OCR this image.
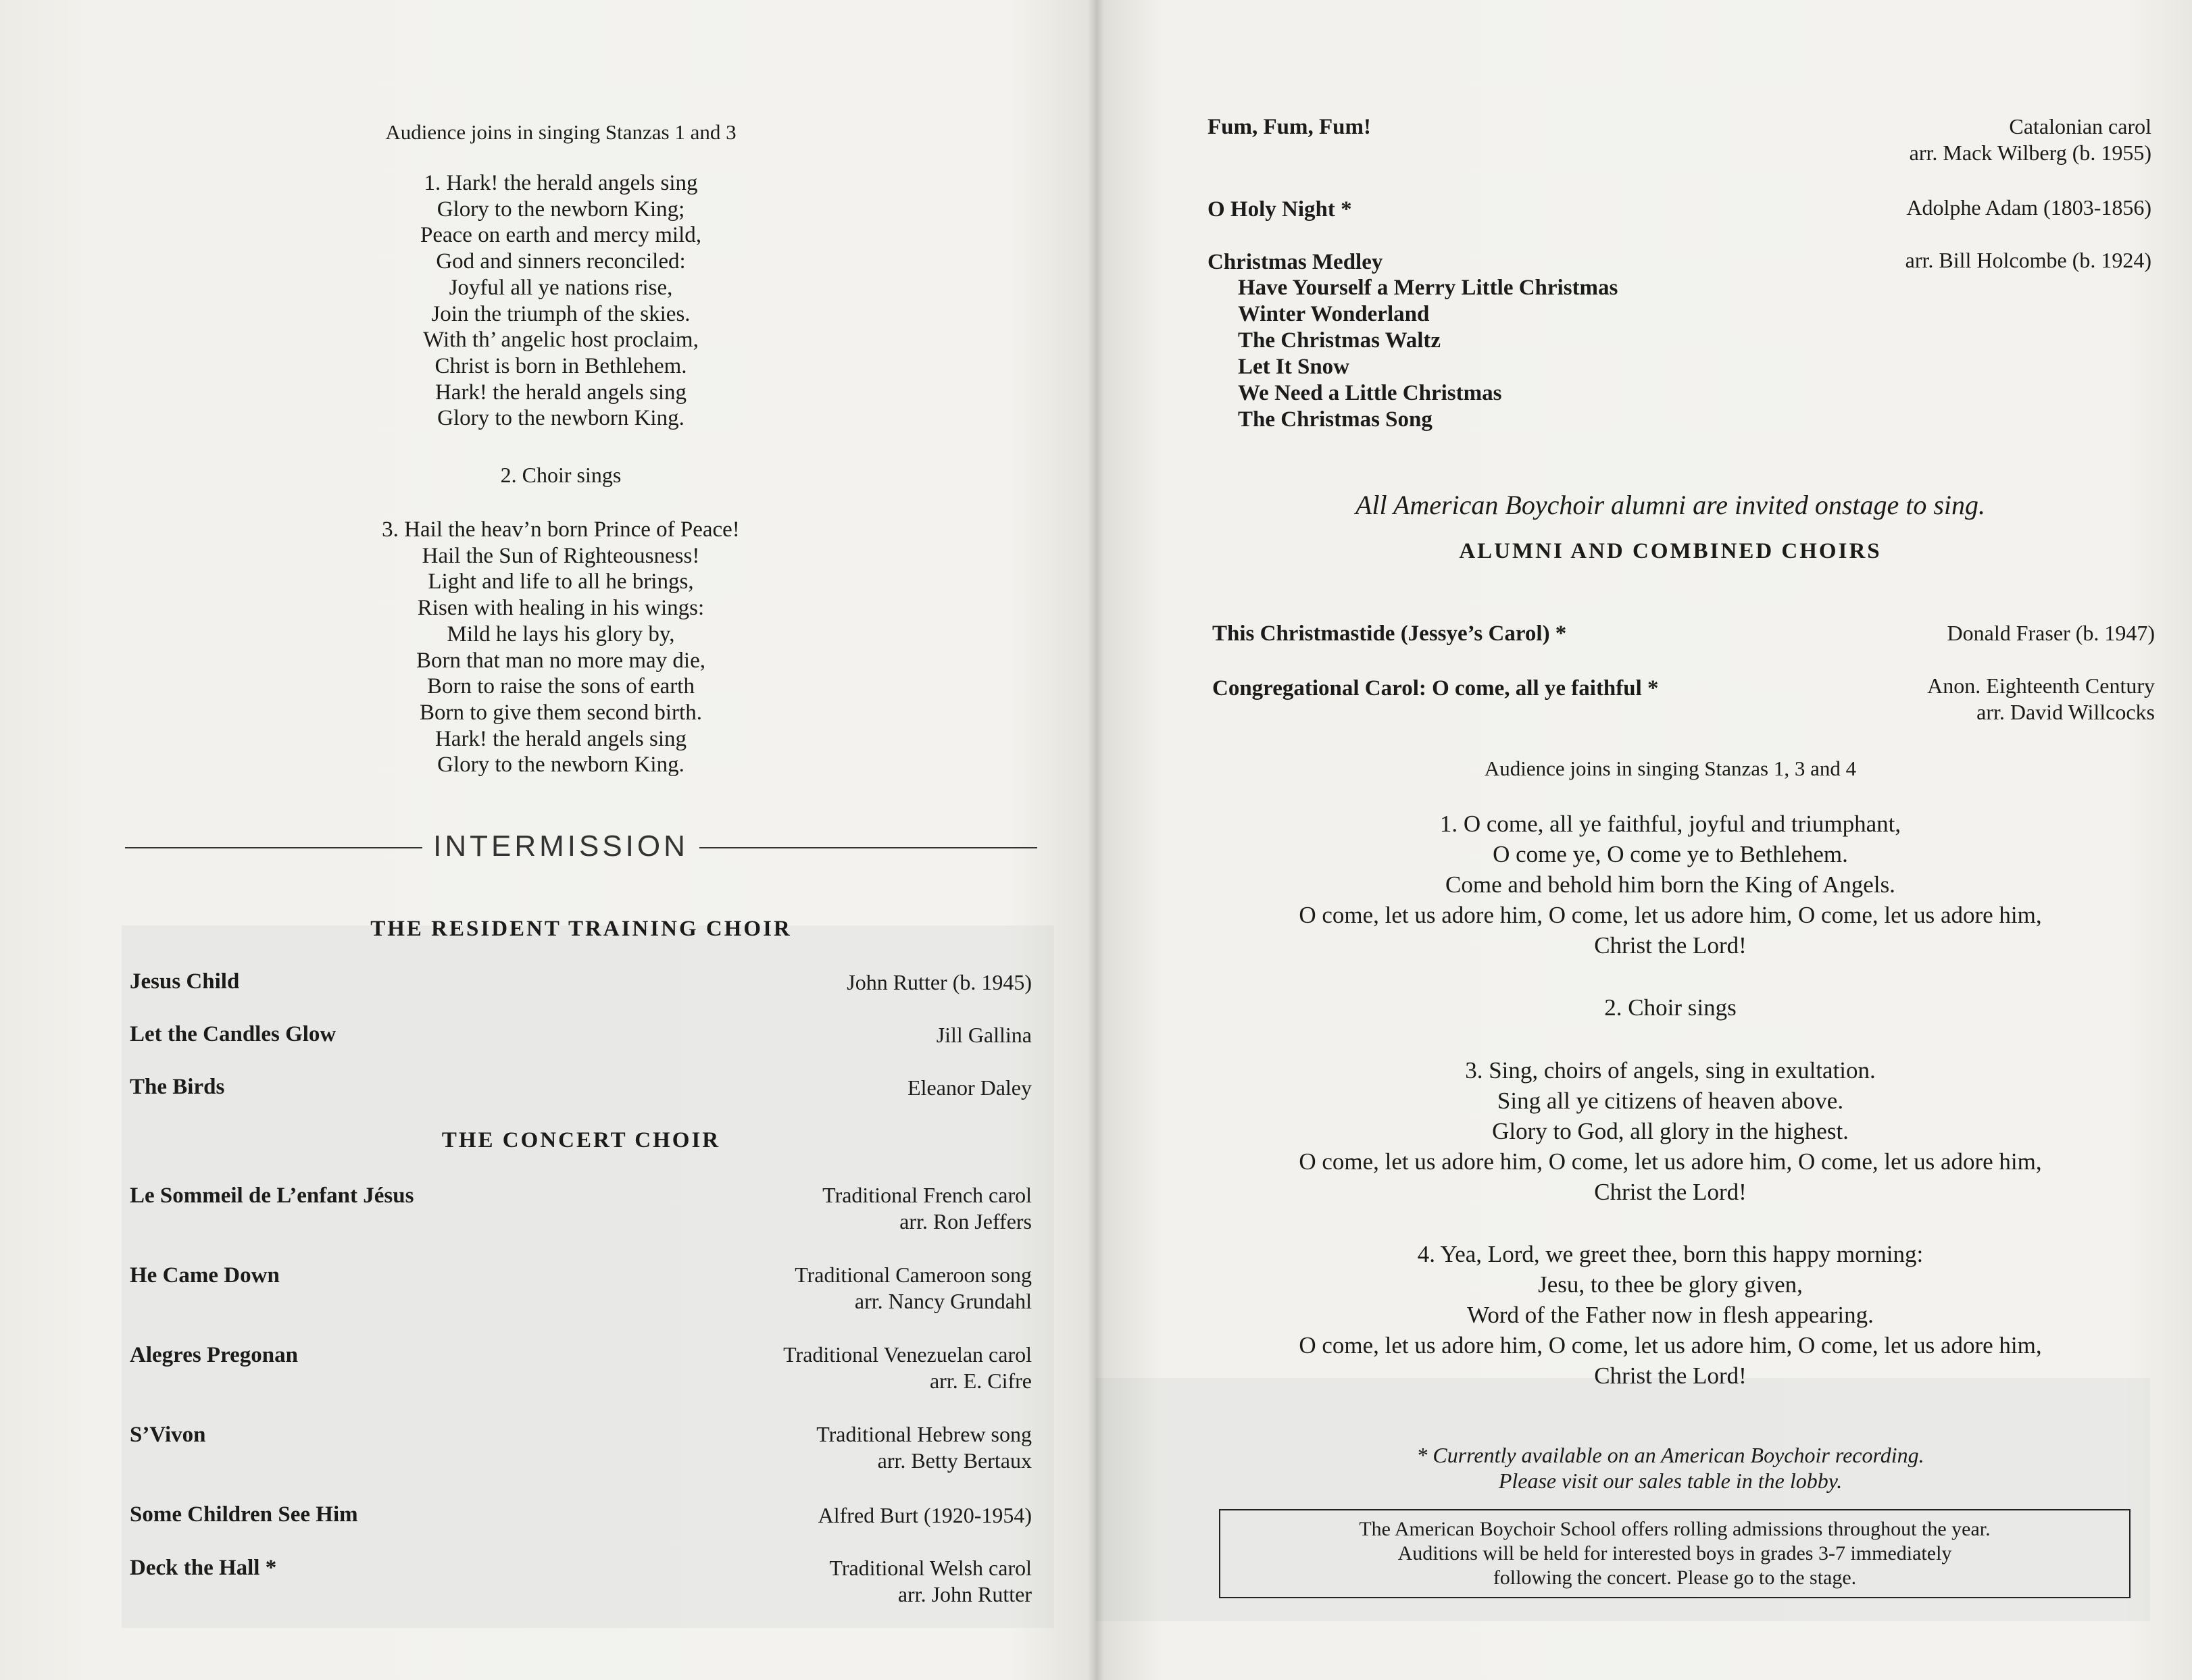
Audience joins in singing Stanzas 1 and 3
1. Hark! the herald angels sing
Glory to the newborn King;
Peace on earth and mercy mild,
God and sinners reconciled:
Joyful all ye nations rise,
Join the triumph of the skies.
With th’ angelic host proclaim,
Christ is born in Bethlehem.
Hark! the herald angels sing
Glory to the newborn King.
2. Choir sings
3. Hail the heav’n born Prince of Peace!
Hail the Sun of Righteousness!
Light and life to all he brings,
Risen with healing in his wings:
Mild he lays his glory by,
Born that man no more may die,
Born to raise the sons of earth
Born to give them second birth.
Hark! the herald angels sing
Glory to the newborn King.
INTERMISSION
THE RESIDENT TRAINING CHOIR
Jesus Child	John Rutter (b. 1945)
Let the Candles Glow	Jill Gallina
The Birds	Eleanor Daley
THE CONCERT CHOIR
Le Sommeil de L’enfant Jésus	Traditional French carol
arr. Ron Jeffers
He Came Down	Traditional Cameroon song
arr. Nancy Grundahl
Alegres Pregonan	Traditional Venezuelan carol
arr. E. Cifre
S’Vivon	Traditional Hebrew song
arr. Betty Bertaux
Some Children See Him	Alfred Burt (1920-1954)
Deck the Hall *	Traditional Welsh carol
arr. John Rutter
Fum, Fum, Fum!	Catalonian carol
arr. Mack Wilberg (b. 1955)
O Holy Night *	Adolphe Adam (1803-1856)
Christmas Medley	arr. Bill Holcombe (b. 1924)
Have Yourself a Merry Little Christmas
Winter Wonderland
The Christmas Waltz
Let It Snow
We Need a Little Christmas
The Christmas Song
All American Boychoir alumni are invited onstage to sing.
ALUMNI AND COMBINED CHOIRS
This Christmastide (Jessye’s Carol) *	Donald Fraser (b. 1947)
Congregational Carol: O come, all ye faithful *	Anon. Eighteenth Century
arr. David Willcocks
Audience joins in singing Stanzas 1, 3 and 4
1. O come, all ye faithful, joyful and triumphant,
O come ye, O come ye to Bethlehem.
Come and behold him born the King of Angels.
O come, let us adore him, O come, let us adore him, O come, let us adore him,
Christ the Lord!
2. Choir sings
3. Sing, choirs of angels, sing in exultation.
Sing all ye citizens of heaven above.
Glory to God, all glory in the highest.
O come, let us adore him, O come, let us adore him, O come, let us adore him,
Christ the Lord!
4. Yea, Lord, we greet thee, born this happy morning:
Jesu, to thee be glory given,
Word of the Father now in flesh appearing.
O come, let us adore him, O come, let us adore him, O come, let us adore him,
Christ the Lord!
* Currently available on an American Boychoir recording.
Please visit our sales table in the lobby.
The American Boychoir School offers rolling admissions throughout the year.
Auditions will be held for interested boys in grades 3-7 immediately
following the concert. Please go to the stage.
